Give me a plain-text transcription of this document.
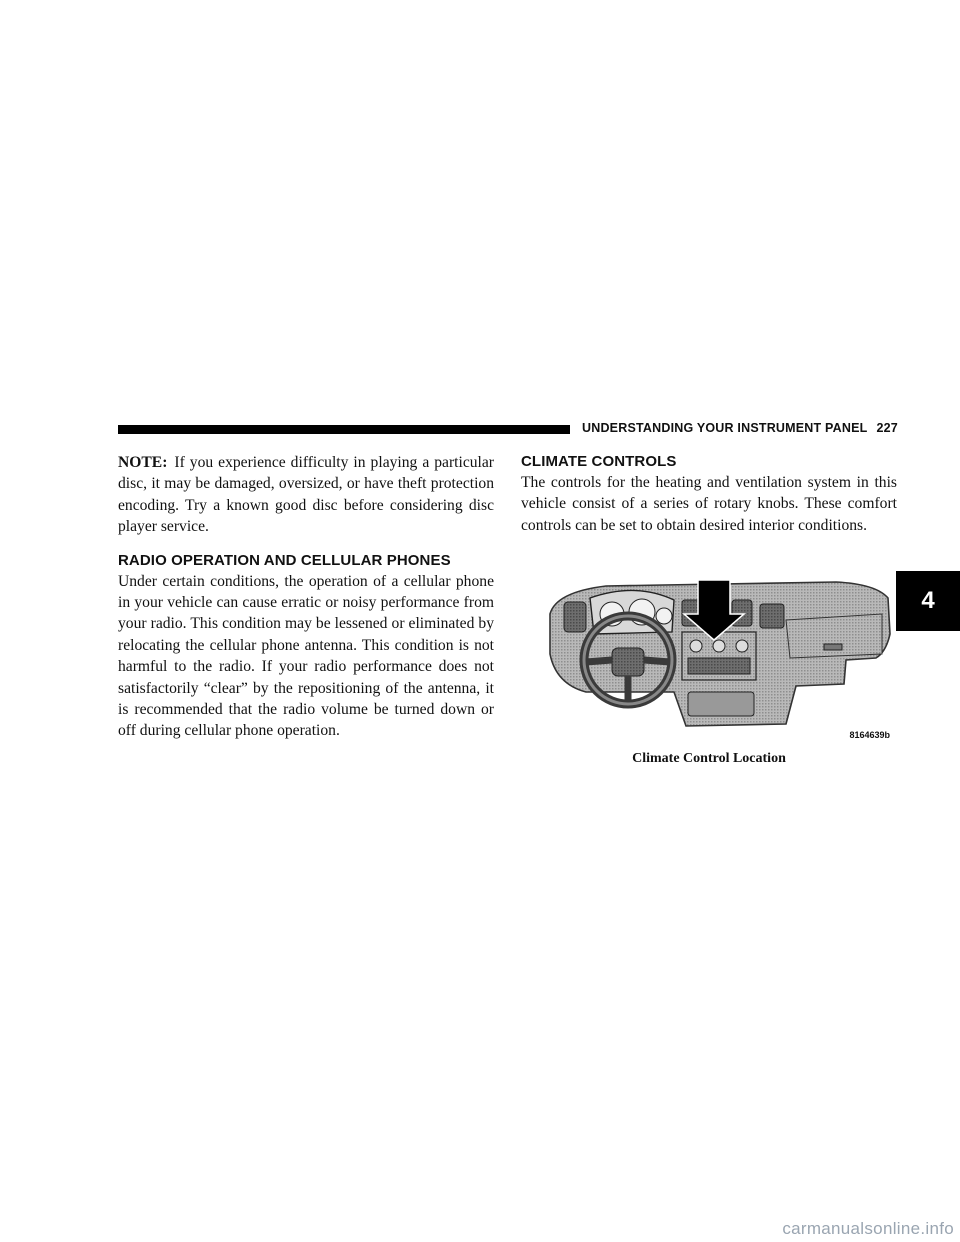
UNDERSTANDING YOUR INSTRUMENT PANEL 227

NOTE: If you experience difficulty in playing a particular disc, it may be damaged, oversized, or have theft protection encoding. Try a known good disc before considering disc player service.

RADIO OPERATION AND CELLULAR PHONES

Under certain conditions, the operation of a cellular phone in your vehicle can cause erratic or noisy performance from your radio. This condition may be lessened or eliminated by relocating the cellular phone antenna. This condition is not harmful to the radio. If your radio performance does not satisfactorily “clear” by the repositioning of the antenna, it is recommended that the radio volume be turned down or off during cellular phone operation.

CLIMATE CONTROLS

The controls for the heating and ventilation system in this vehicle consist of a series of rotary knobs. These comfort controls can be set to obtain desired interior conditions.

8164639b
Climate Control Location
4
carmanualsonline.info
